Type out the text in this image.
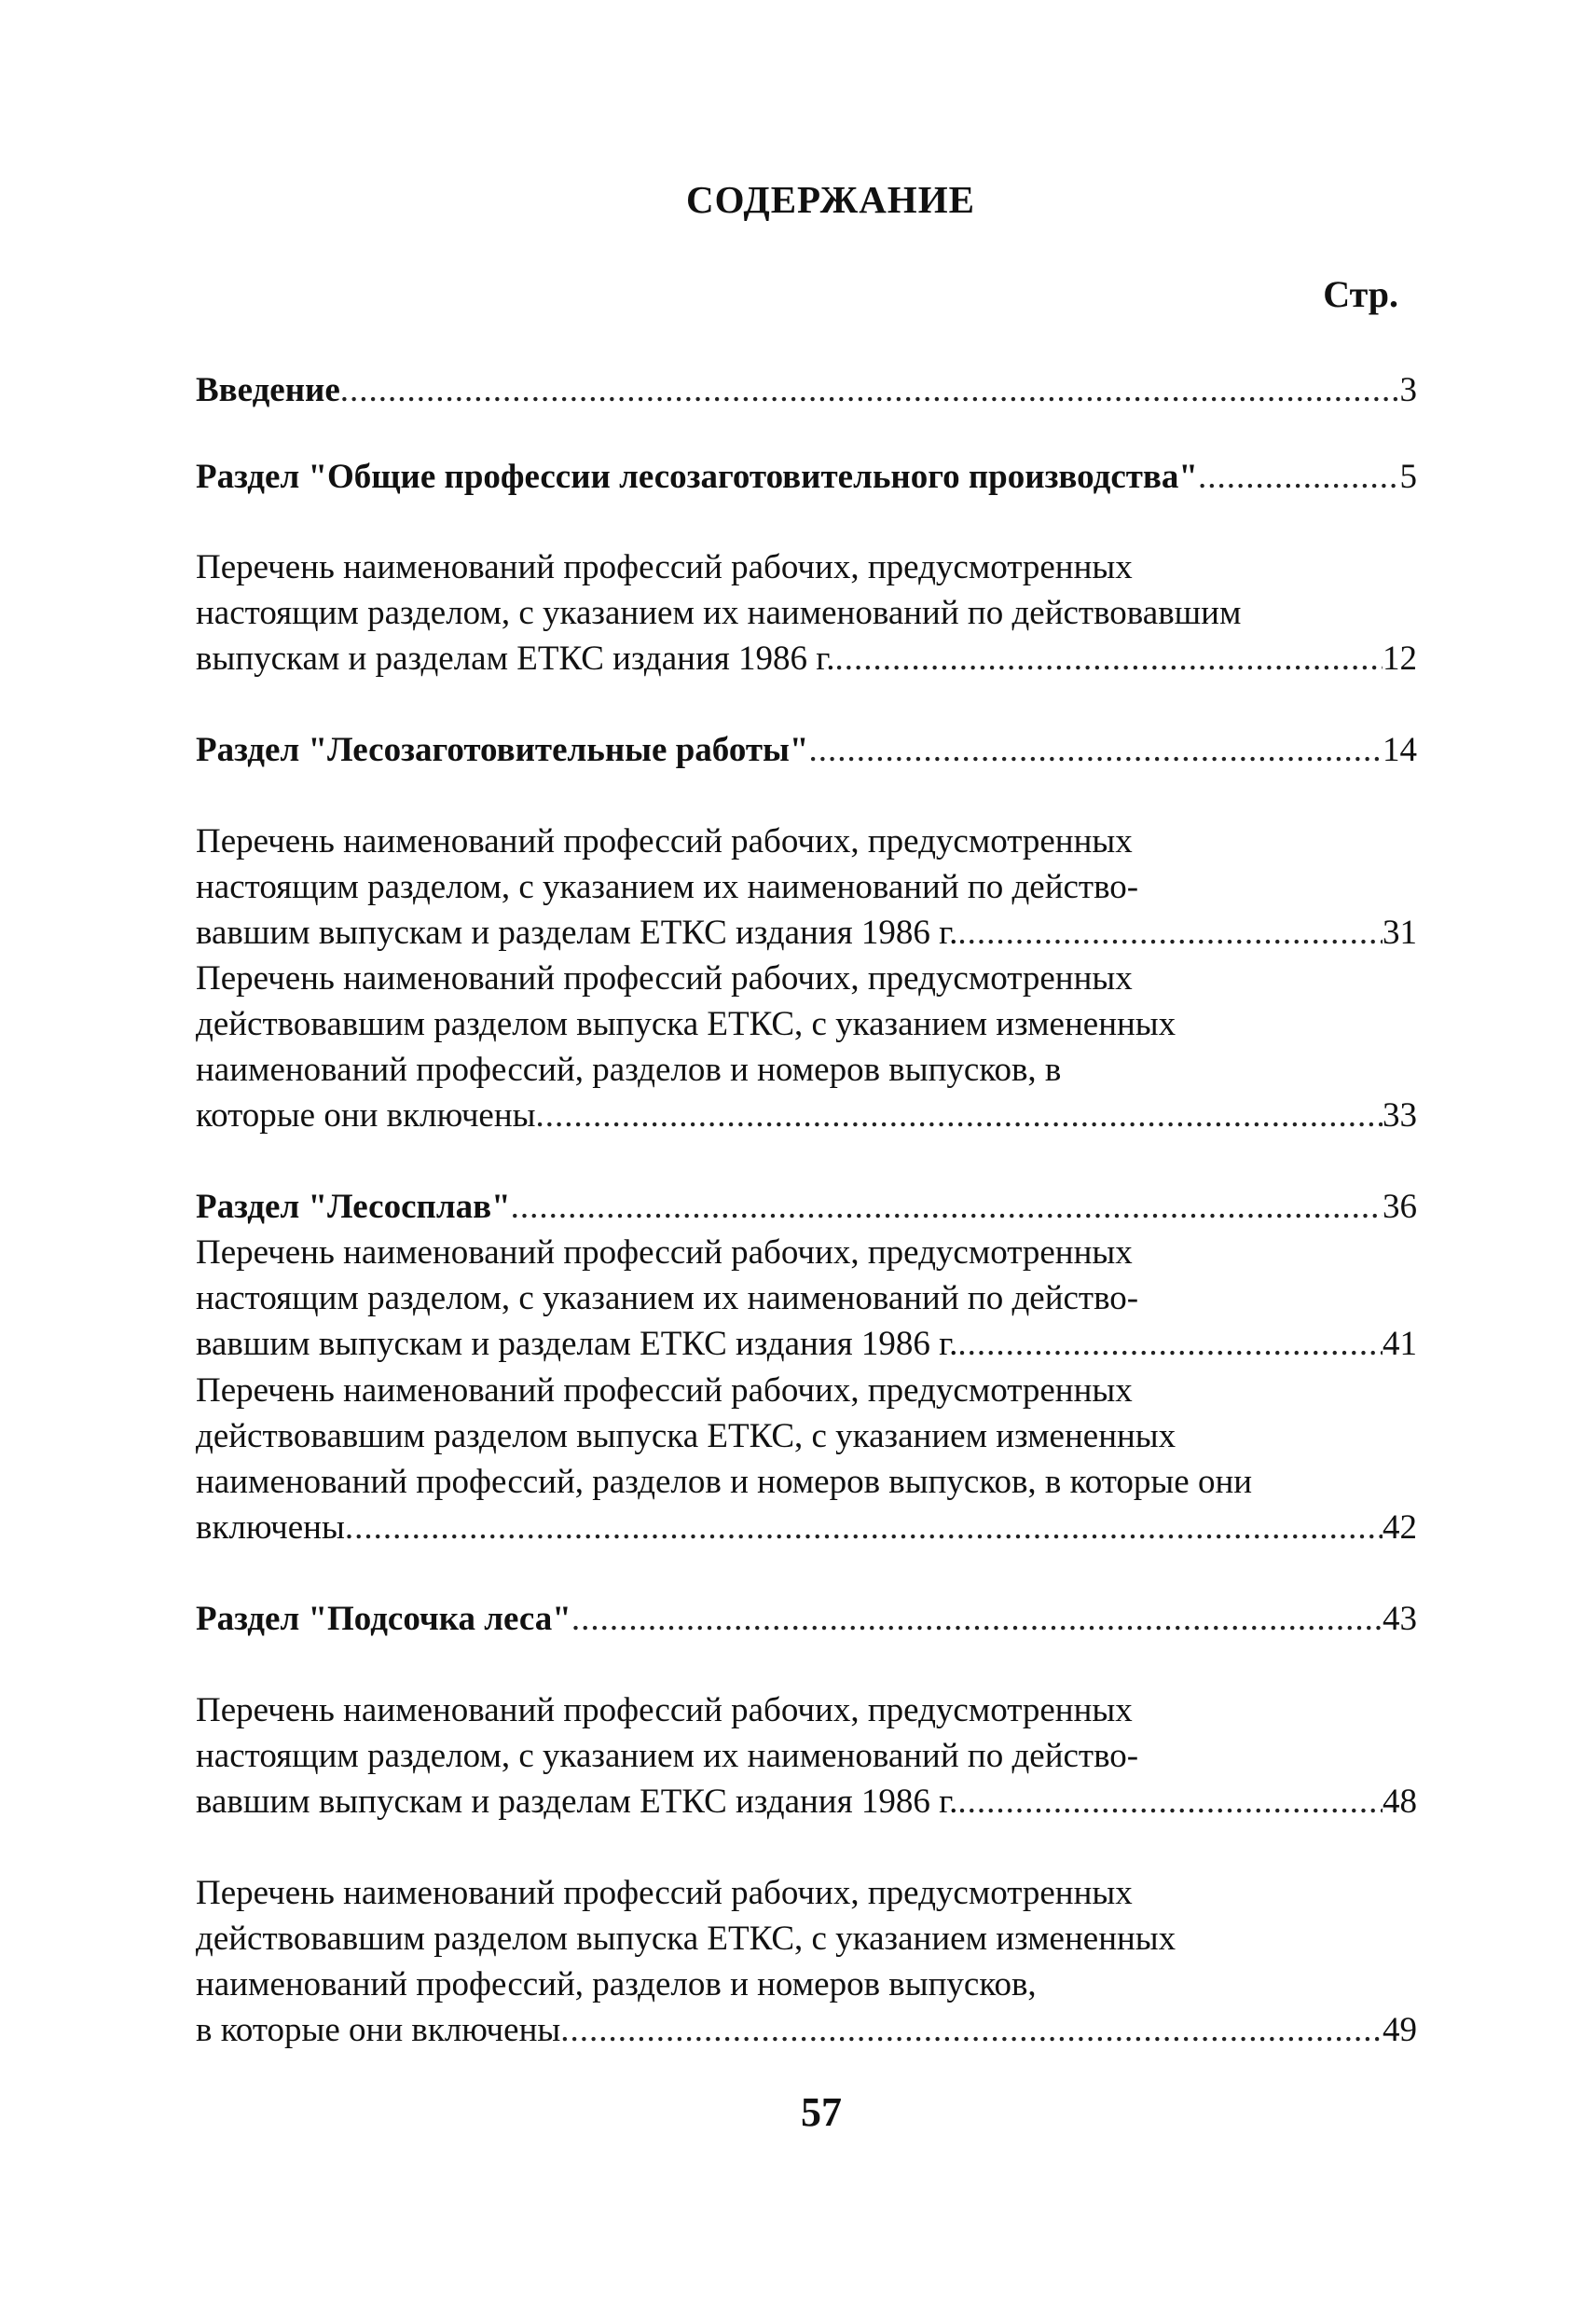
СОДЕРЖАНИЕ
Стр.
Введение .....	3
Раздел "Общие профессии лесозаготовительного производства" .....	5
Перечень наименований профессий рабочих, предусмотренных
настоящим разделом, с указанием их наименований по действовавшим
выпускам и разделам ЕТКС издания 1986 г. .....	12
Раздел "Лесозаготовительные работы" .....	14
Перечень наименований профессий рабочих, предусмотренных
настоящим разделом, с указанием их наименований по действо-
вавшим выпускам и разделам ЕТКС издания 1986 г. .....	31
Перечень наименований профессий рабочих, предусмотренных
действовавшим разделом выпуска ЕТКС, с указанием измененных
наименований профессий, разделов и номеров выпусков, в
которые они включены .....	33
Раздел "Лесосплав" .....	36
Перечень наименований профессий рабочих, предусмотренных
настоящим разделом, с указанием их наименований по действо-
вавшим выпускам и разделам ЕТКС издания 1986 г. .....	41
Перечень наименований профессий рабочих, предусмотренных
действовавшим разделом выпуска ЕТКС, с указанием измененных
наименований профессий, разделов и номеров выпусков, в которые они
включены .....	42
Раздел "Подсочка леса" .....	43
Перечень наименований профессий рабочих, предусмотренных
настоящим разделом, с указанием их наименований по действо-
вавшим выпускам и разделам ЕТКС издания 1986 г. .....	48
Перечень наименований профессий рабочих, предусмотренных
действовавшим разделом выпуска ЕТКС, с указанием измененных
наименований профессий, разделов и номеров выпусков,
в которые они включены .....	49
57
